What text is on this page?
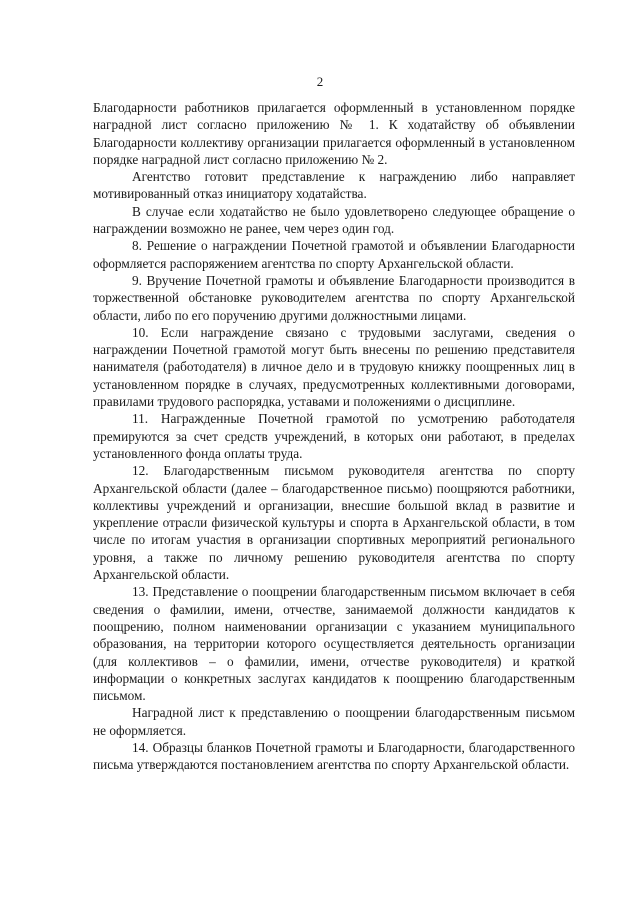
2

Благодарности работников прилагается оформленный в установленном порядке наградной лист согласно приложению № 1. К ходатайству об объявлении Благодарности коллективу организации прилагается оформленный в установленном порядке наградной лист согласно приложению № 2.

Агентство готовит представление к награждению либо направляет мотивированный отказ инициатору ходатайства.

В случае если ходатайство не было удовлетворено следующее обращение о награждении возможно не ранее, чем через один год.

8. Решение о награждении Почетной грамотой и объявлении Благодарности оформляется распоряжением агентства по спорту Архангельской области.

9. Вручение Почетной грамоты и объявление Благодарности производится в торжественной обстановке руководителем агентства по спорту Архангельской области, либо по его поручению другими должностными лицами.

10. Если награждение связано с трудовыми заслугами, сведения о награждении Почетной грамотой могут быть внесены по решению представителя нанимателя (работодателя) в личное дело и в трудовую книжку поощренных лиц в установленном порядке в случаях, предусмотренных коллективными договорами, правилами трудового распорядка, уставами и положениями о дисциплине.

11. Награжденные Почетной грамотой по усмотрению работодателя премируются за счет средств учреждений, в которых они работают, в пределах установленного фонда оплаты труда.

12. Благодарственным письмом руководителя агентства по спорту Архангельской области (далее – благодарственное письмо) поощряются работники, коллективы учреждений и организации, внесшие большой вклад в развитие и укрепление отрасли физической культуры и спорта в Архангельской области, в том числе по итогам участия в организации спортивных мероприятий регионального уровня, а также по личному решению руководителя агентства по спорту Архангельской области.

13. Представление о поощрении благодарственным письмом включает в себя сведения о фамилии, имени, отчестве, занимаемой должности кандидатов к поощрению, полном наименовании организации с указанием муниципального образования, на территории которого осуществляется деятельность организации (для коллективов – о фамилии, имени, отчестве руководителя) и краткой информации о конкретных заслугах кандидатов к поощрению благодарственным письмом.

Наградной лист к представлению о поощрении благодарственным письмом не оформляется.

14. Образцы бланков Почетной грамоты и Благодарности, благодарственного письма утверждаются постановлением агентства по спорту Архангельской области.
